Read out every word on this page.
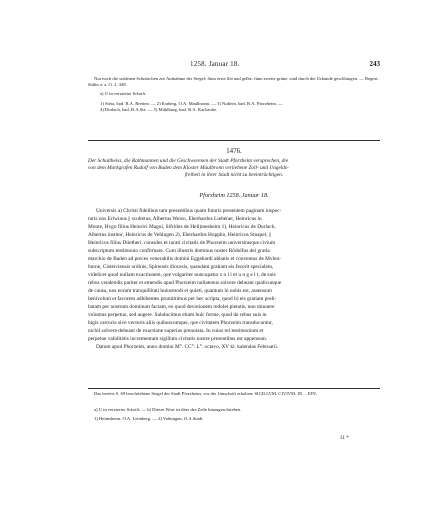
1258. Januar 18.	243

Nur noch die seidenen Schnürchen zur Aufnahme der Siegel; fünn erste lila und gelbe, fünn zweite grüne, sind durch die Urkunde geschlungen. — Regest: Stälin a. a. O. 2, 348.

a) U in verzierter Schrift.

1) Steia, bad. B.A. Bretten. — 2) Eraberg, O.A. Maulbronn. — 3) Nußern, bad. B.A. Pforzheim. —

4) Durlach, bad. B.A.Stz. — 5) Mühlburg, bad. B.A. Karlsruhe.

1476.
Der Schultheiss, die Rathmannen und die Geschworenen der Stadt Pforzheim versprechen, die
von dem Markgrafen Rudolf von Baden dem Kloster Maulbronn verliehene Zoll- und Ungelds-
freiheit in ihrer Stadt nicht zu beeinträchtigen.
Pforzheim 1258. Januar 18.
Universis a) Christi fidelibus tam presentibus quam futuris presentem paginam inspec-
turis nos Erlwinus || scultetus, Albertus Weiso, Eberhardus Liebener, Heinricus in
Monte, Hvgo filius Heinrici Magni, Sifridus de Heiljmesheim 1), Heinricus de Durlach,
Albertus institor, Heinricus de Vehingen 2), Eberhardus Hoppho, Heinricus Stnapel, ||
Heinricus filius Diietheri, consules et iurati civitatis de Phorzeim universitasque civium
subscriptum testimonio confirmare. Cum illustris dominus noster Rôdolfus dei gratia
marchio de Baden ad preces venerabilis domini Eggehardi abbatis et conventus de Mvlen-
burne, Cisterciensis ordinis, Spirensis diocesis, quandam gratiam eis fecerit specialem,
videlicet quod nullam exactionem, que vulgariter nuncupatur z o l l et u n g e l t, de suis
rebus vendendis pariter et emendis apud Phorzeim nullatenus solvere debeant qualicunque
de causa, nos eorum tranquillitati huiusmodi et quieti, quantum in nobis est, assensum
benivolum et favorem adhibentes promittimus per hec scripta, quod b) eis gratiam preli-
batam per nostrum dominum factam, eo quod devotionem redolet pietatis, non minuere
volumus perpetuo, sed augere. Subducimus etiam huic forme, quod de rebus suis in
bigis carrucis sive vecturis aliis quibuscumque, que civitatem Phorzeim transducuntur,
nichil solvere debeant de exactione superius prenotata. In cuius rei testimonium et
perpetue validitatis incrementum sigillum civitatis nostre presentibus est appensum.
Datum apud Phorzeim, anno domini M°. CC°. L°. octavo, XV kl. kalendas Februarii.

Das bereits S. 69 beschriebene Siegel der Stadt Pforzheim; vor der Umschrift erhalten: SIGILLVM. CIVIVM. IN . . EIN.

a) U in verzierter Schrift. — b) Dieses Wort ist über der Zeile hinzugeschrieben.

1) Heimsheim, O.A. Leonberg. — 2) Vaihingen, O.A.Stadt.

31 *
